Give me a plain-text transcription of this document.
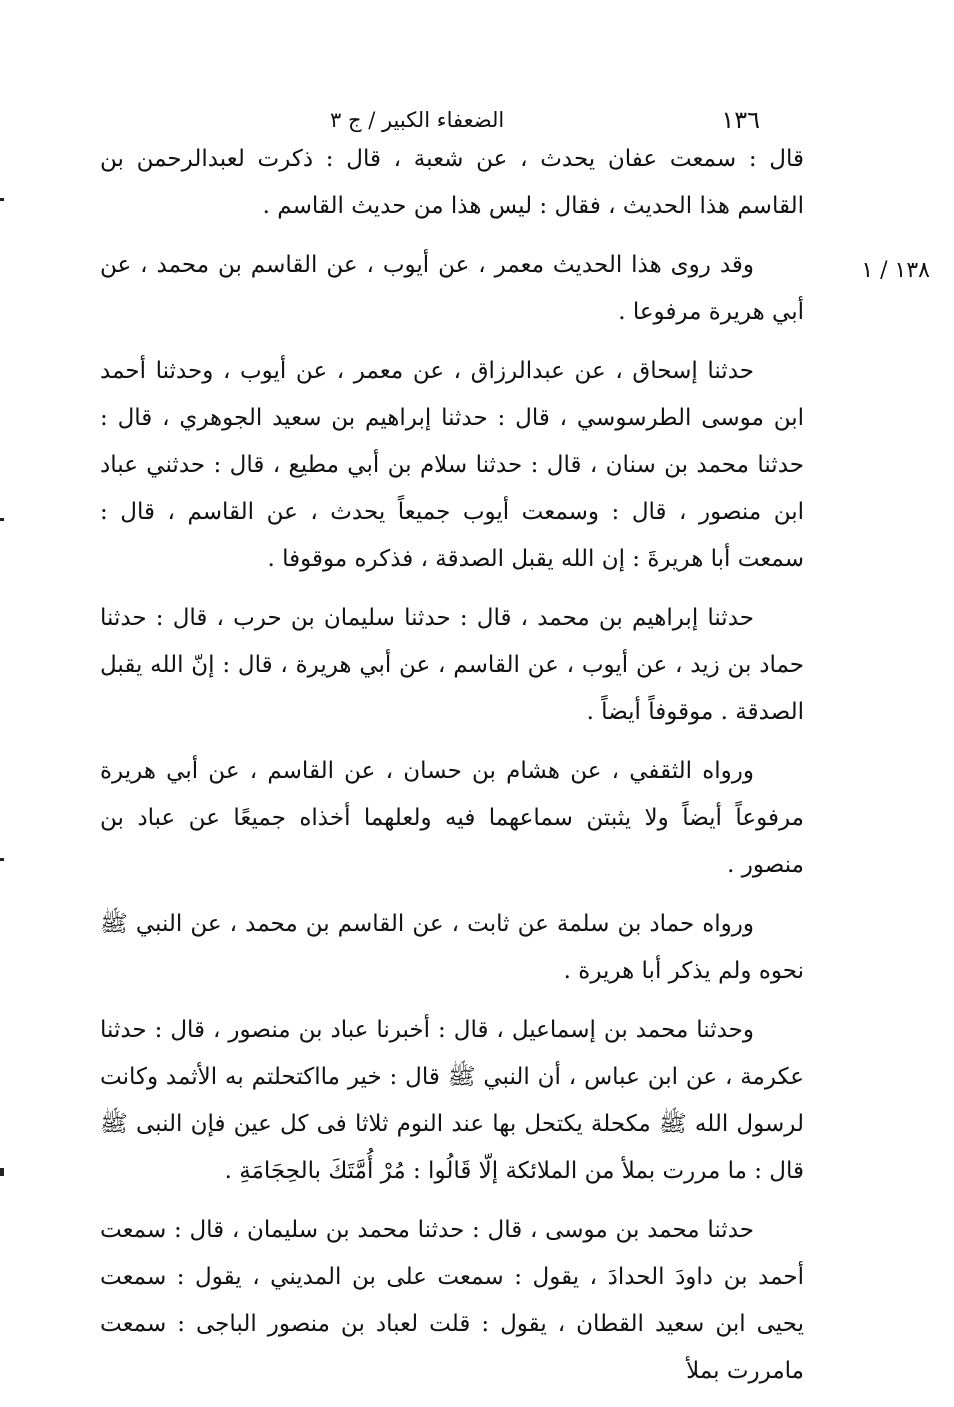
١٣٦
الضعفاء الكبير / ج ٣
١٣٨ / ١

قال : سمعت عفان يحدث ، عن شعبة ، قال : ذكرت لعبدالرحمن بن القاسم هذا الحديث ، فقال : ليس هذا من حديث القاسم .

وقد روى هذا الحديث معمر ، عن أيوب ، عن القاسم بن محمد ، عن أبي هريرة مرفوعا .

حدثنا إسحاق ، عن عبدالرزاق ، عن معمر ، عن أيوب ، وحدثنا أحمد ابن موسى الطرسوسي ، قال : حدثنا إبراهيم بن سعيد الجوهري ، قال : حدثنا محمد بن سنان ، قال : حدثنا سلام بن أبي مطيع ، قال : حدثني عباد ابن منصور ، قال : وسمعت أيوب جميعاً يحدث ، عن القاسم ، قال : سمعت أبا هريرةَ : إن الله يقبل الصدقة ، فذكره موقوفا .

حدثنا إبراهيم بن محمد ، قال : حدثنا سليمان بن حرب ، قال : حدثنا حماد بن زيد ، عن أيوب ، عن القاسم ، عن أبي هريرة ، قال : إنّ الله يقبل الصدقة . موقوفاً أيضاً .

ورواه الثقفي ، عن هشام بن حسان ، عن القاسم ، عن أبي هريرة مرفوعاً أيضاً ولا يثبتن سماعهما فيه ولعلهما أخذاه جميعًا عن عباد بن منصور .

ورواه حماد بن سلمة عن ثابت ، عن القاسم بن محمد ، عن النبي ﷺ نحوه ولم يذكر أبا هريرة .

وحدثنا محمد بن إسماعيل ، قال : أخبرنا عباد بن منصور ، قال : حدثنا عكرمة ، عن ابن عباس ، أن النبي ﷺ قال : خير مااكتحلتم به الأثمد وكانت لرسول الله ﷺ مكحلة يكتحل بها عند النوم ثلاثا فى كل عين فإن النبى ﷺ قال : ما مررت بملأ من الملائكة إلّا قَالُوا : مُرْ أُمَّتَكَ بالحِجَامَةِ .

حدثنا محمد بن موسى ، قال : حدثنا محمد بن سليمان ، قال : سمعت أحمد بن داودَ الحدادَ ، يقول : سمعت على بن المديني ، يقول : سمعت يحيى ابن سعيد القطان ، يقول : قلت لعباد بن منصور الباجى : سمعت مامررت بملأ
